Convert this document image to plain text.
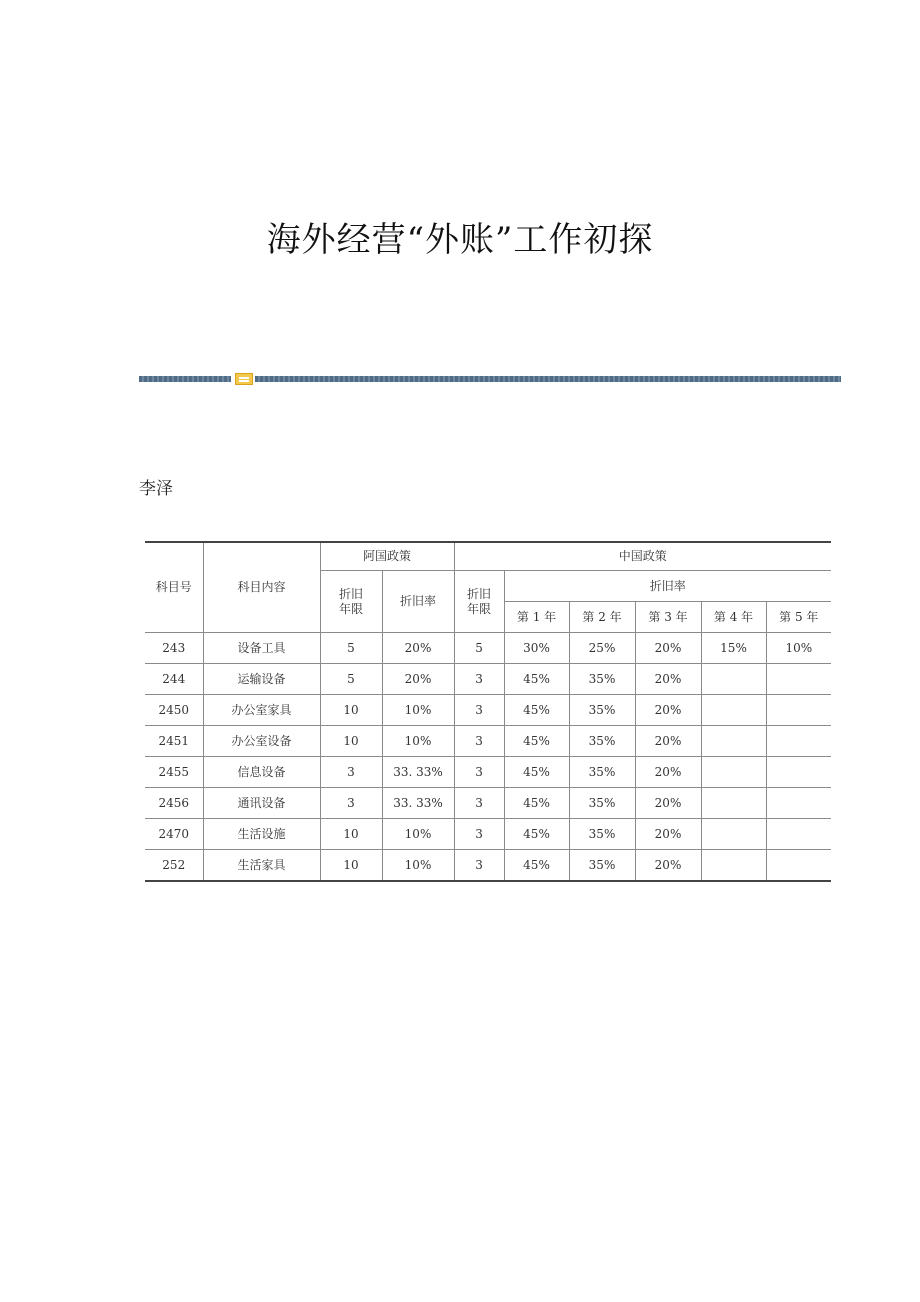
海外经营“外账”工作初探
李泽
科目号	科目内容	阿国政策		中国政策					
		折旧年限	折旧率	折旧年限	折旧率				
					第 1 年	第 2 年	第 3 年	第 4 年	第 5 年
243	设备工具	5	20%	5	30%	25%	20%	15%	10%
244	运输设备	5	20%	3	45%	35%	20%		
2450	办公室家具	10	10%	3	45%	35%	20%		
2451	办公室设备	10	10%	3	45%	35%	20%		
2455	信息设备	3	33. 33%	3	45%	35%	20%		
2456	通讯设备	3	33. 33%	3	45%	35%	20%		
2470	生活设施	10	10%	3	45%	35%	20%		
252	生活家具	10	10%	3	45%	35%	20%		
